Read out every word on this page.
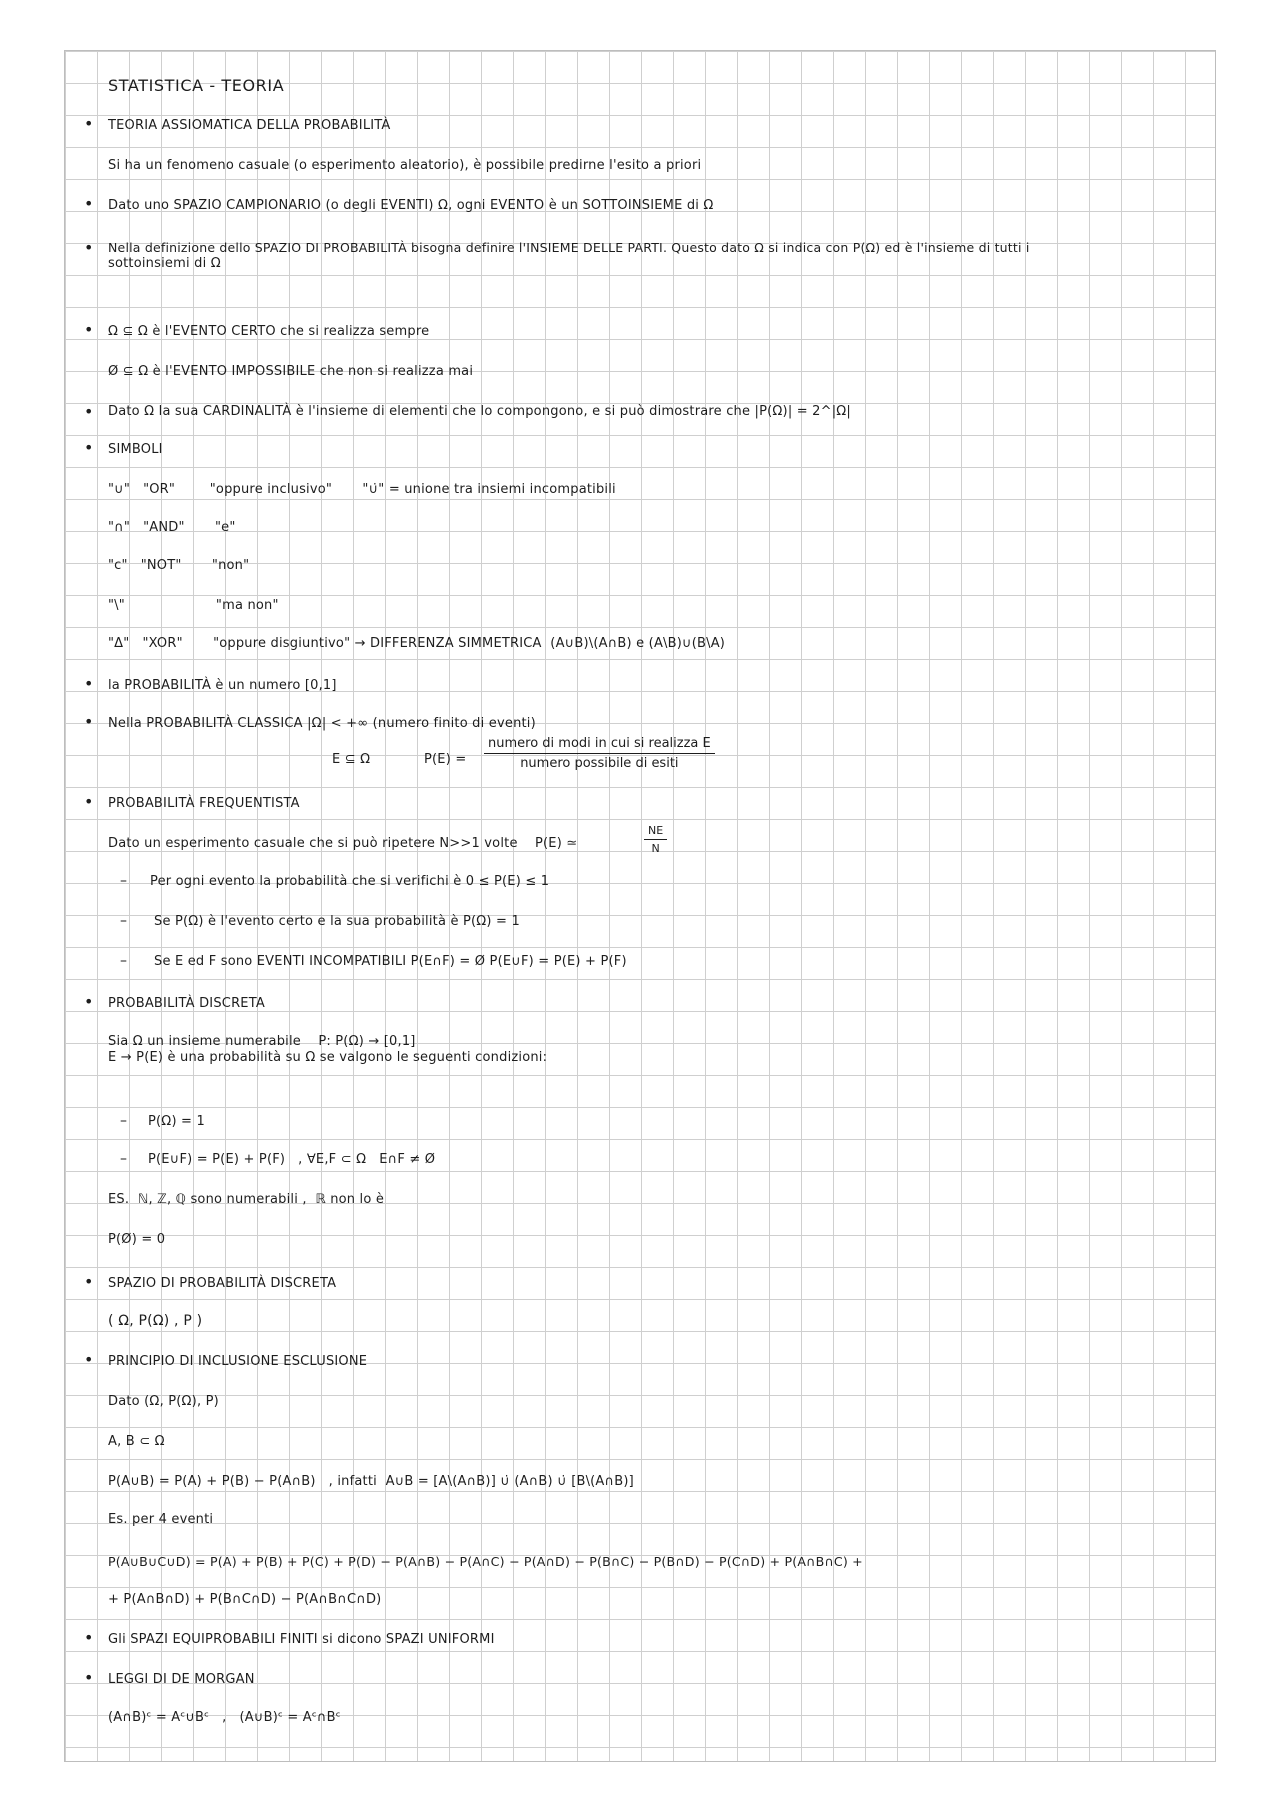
STATISTICA - TEORIA
•
•
•
•
•
•
•
•
•
•
•
•
•
•
TEORIA ASSIOMATICA DELLA PROBABILITÀ
Si ha un fenomeno casuale (o esperimento aleatorio), è possibile predirne l'esito a priori
Dato uno SPAZIO CAMPIONARIO (o degli EVENTI) Ω, ogni EVENTO è un SOTTOINSIEME di Ω
Nella definizione dello SPAZIO DI PROBABILITÀ bisogna definire l'INSIEME DELLE PARTI. Questo dato Ω si indica con P(Ω) ed è l'insieme di tutti i
sottoinsiemi di Ω
Ω ⊆ Ω è l'EVENTO CERTO che si realizza sempre
Ø ⊆ Ω è l'EVENTO IMPOSSIBILE che non si realizza mai
Dato Ω la sua CARDINALITÀ è l'insieme di elementi che lo compongono, e si può dimostrare che |P(Ω)| = 2^|Ω|
SIMBOLI
"∪"   "OR"        "oppure inclusivo"       "∪̇" = unione tra insiemi incompatibili
"∩"   "AND"       "e"
"c"   "NOT"       "non"
"\"                     "ma non"
"Δ"   "XOR"       "oppure disgiuntivo" → DIFFERENZA SIMMETRICA  (A∪B)\(A∩B) e (A\B)∪(B\A)
la PROBABILITÀ è un numero [0,1]
Nella PROBABILITÀ CLASSICA |Ω| < +∞ (numero finito di eventi)
E ⊆ Ω	P(E) =
numero di modi in cui si realizza E
numero possibile di esiti
PROBABILITÀ FREQUENTISTA
Dato un esperimento casuale che si può ripetere N>>1 volte    P(E) ≃	$\frac{NE}{N}$
– Per ogni evento la probabilità che si verifichi è 0 ≤ P(E) ≤ 1
– Se P(Ω) è l'evento certo e la sua probabilità è P(Ω) = 1
– Se E ed F sono EVENTI INCOMPATIBILI P(E∩F) = Ø P(E∪F) = P(E) + P(F)
PROBABILITÀ DISCRETA
Sia Ω un insieme numerabile    P: P(Ω) → [0,1]
E → P(E) è una probabilità su Ω se valgono le seguenti condizioni:
– P(Ω) = 1
– P(E∪F) = P(E) + P(F)   , ∀E,F ⊂ Ω   E∩F ≠ Ø
ES.  ℕ, ℤ, ℚ sono numerabili ,  ℝ non lo è
P(Ø) = 0
SPAZIO DI PROBABILITÀ DISCRETA
( Ω, P(Ω) , P )
PRINCIPIO DI INCLUSIONE ESCLUSIONE
Dato (Ω, P(Ω), P)
A, B ⊂ Ω
P(A∪B) = P(A) + P(B) − P(A∩B)   , infatti  A∪B = [A\(A∩B)] ∪̇ (A∩B) ∪̇ [B\(A∩B)]
Es. per 4 eventi
P(A∪B∪C∪D) = P(A) + P(B) + P(C) + P(D) − P(A∩B) − P(A∩C) − P(A∩D) − P(B∩C) − P(B∩D) − P(C∩D) + P(A∩B∩C) +
+ P(A∩B∩D) + P(B∩C∩D) − P(A∩B∩C∩D)
Gli SPAZI EQUIPROBABILI FINITI si dicono SPAZI UNIFORMI
LEGGI DI DE MORGAN
(A∩B)ᶜ = Aᶜ∪Bᶜ   ,   (A∪B)ᶜ = Aᶜ∩Bᶜ
